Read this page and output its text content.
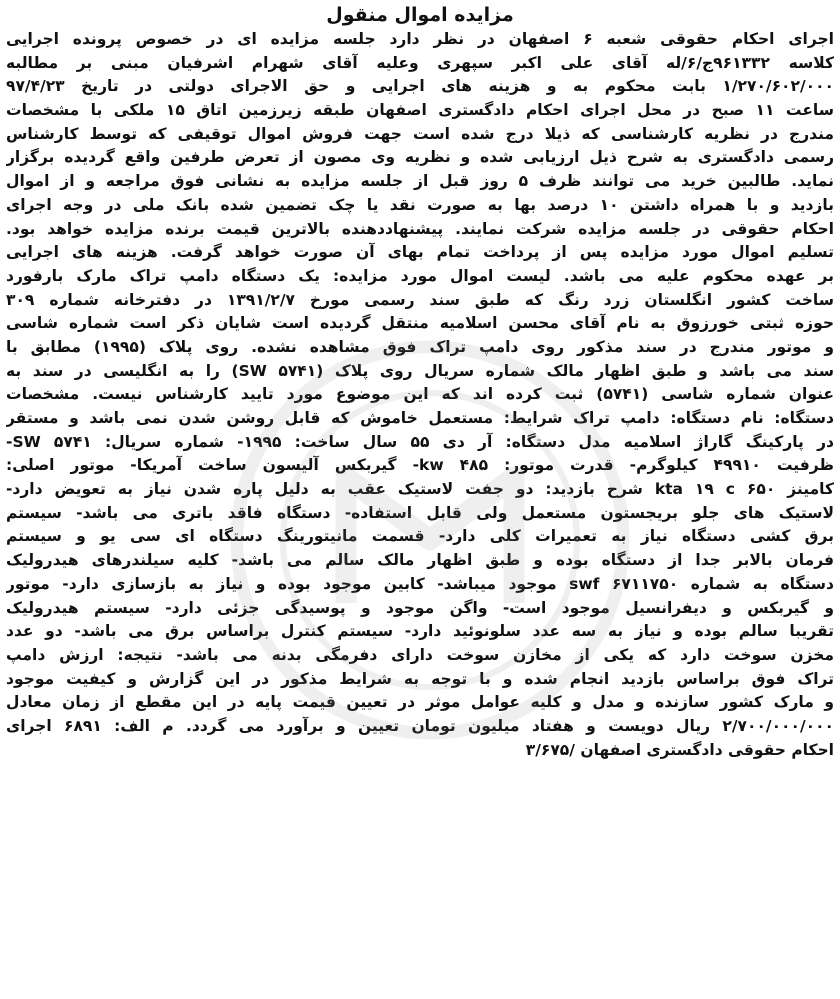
مزایده اموال منقول
اجرای احکام حقوقی شعبه ۶ اصفهان در نظر دارد جلسه مزایده ای در خصوص پرونده اجرایی
کلاسه ۹۶۱۳۳۲ج/۶/له آقای علی اکبر سپهری وعلیه آقای شهرام اشرفیان مبنی بر مطالبه
۱/۲۷۰/۶۰۲/۰۰۰ بابت محکوم به و هزینه های اجرایی و حق الاجرای دولتی در تاریخ ۹۷/۴/۲۳
ساعت ۱۱ صبح در محل اجرای احکام دادگستری اصفهان طبقه زیرزمین اتاق ۱۵ ملکی با مشخصات
مندرج در نظریه کارشناسی که ذیلا درج شده است جهت فروش اموال توقیفی که توسط کارشناس
رسمی دادگستری به شرح ذیل ارزیابی شده و نظریه وی مصون از تعرض طرفین واقع گردیده برگزار
نماید. طالبین خرید می توانند ظرف ۵ روز قبل از جلسه مزایده به نشانی فوق مراجعه و از اموال
بازدید و با همراه داشتن ۱۰ درصد بها به صورت نقد یا چک تضمین شده بانک ملی در وجه اجرای
احکام حقوقی در جلسه مزایده شرکت نمایند. پیشنهاددهنده بالاترین قیمت برنده مزایده خواهد بود.
تسلیم اموال مورد مزایده پس از پرداخت تمام بهای آن صورت خواهد گرفت. هزینه های اجرایی
بر عهده محکوم علیه می باشد. لیست اموال مورد مزایده: یک دستگاه دامپ تراک مارک بارفورد
ساخت کشور انگلستان زرد رنگ که طبق سند رسمی مورخ ۱۳۹۱/۲/۷ در دفترخانه شماره ۳۰۹
حوزه ثبتی خورزوق به نام آقای محسن اسلامیه منتقل گردیده است شایان ذکر است شماره شاسی
و موتور مندرج در سند مذکور روی دامپ تراک فوق مشاهده نشده. روی پلاک (۱۹۹۵) مطابق با
سند می باشد و طبق اظهار مالک شماره سریال روی پلاک (SW ۵۷۴۱) را به انگلیسی در سند به
عنوان شماره شاسی (۵۷۴۱) ثبت کرده اند که این موضوع مورد تایید کارشناس نیست. مشخصات
دستگاه: نام دستگاه: دامپ تراک شرایط: مستعمل خاموش که قابل روشن شدن نمی باشد و مستقر
در پارکینگ گاراژ اسلامیه مدل دستگاه: آر دی ۵۵ سال ساخت: ۱۹۹۵- شماره سریال: SW ۵۷۴۱-
ظرفیت ۴۹۹۱۰ کیلوگرم- قدرت موتور: kw ۴۸۵- گیربکس آلیسون ساخت آمریکا- موتور اصلی:
کامینز kta ۱۹ c ۶۵۰ شرح بازدید: دو جفت لاستیک عقب به دلیل پاره شدن نیاز به تعویض دارد-
لاستیک های جلو بریجستون مستعمل ولی قابل استفاده- دستگاه فاقد باتری می باشد- سیستم
برق کشی دستگاه نیاز به تعمیرات کلی دارد- قسمت مانیتورینگ دستگاه ای سی یو و سیستم
فرمان بالابر جدا از دستگاه بوده و طبق اظهار مالک سالم می باشد- کلیه سیلندرهای هیدرولیک
دستگاه به شماره swf ۶۷۱۱۷۵۰ موجود میباشد- کابین موجود بوده و نیاز به بازسازی دارد- موتور
و گیربکس و دیفرانسیل موجود است- واگن موجود و پوسیدگی جزئی دارد- سیستم هیدرولیک
تقریبا سالم بوده و نیاز به سه عدد سلونوئید دارد- سیستم کنترل براساس برق می باشد- دو عدد
مخزن سوخت دارد که یکی از مخازن سوخت دارای دفرمگی بدنه می باشد- نتیجه: ارزش دامپ
تراک فوق براساس بازدید انجام شده و با توجه به شرایط مذکور در این گزارش و کیفیت موجود
و مارک کشور سازنده و مدل و کلیه عوامل موثر در تعیین قیمت پایه در این مقطع از زمان معادل
۲/۷۰۰/۰۰۰/۰۰۰ ریال دویست و هفتاد میلیون تومان تعیین و برآورد می گردد. م الف: ۶۸۹۱ اجرای
احکام حقوقی دادگستری اصفهان /۳/۶۷۵
